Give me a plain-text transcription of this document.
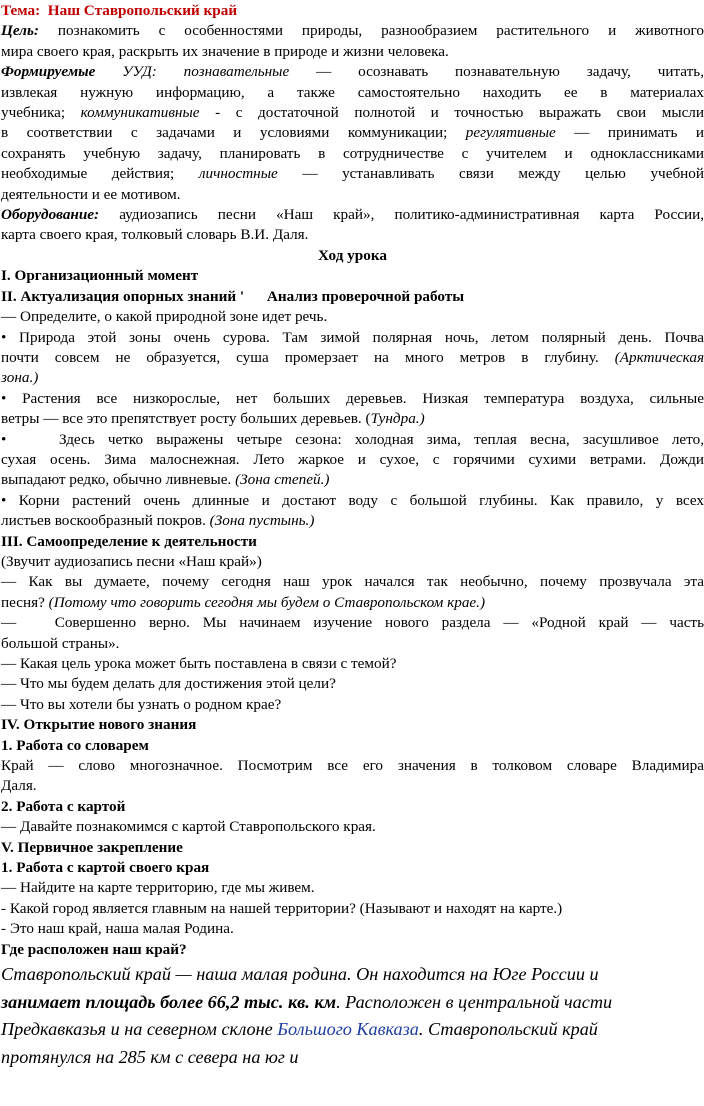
Тема: Наш Ставропольский край

Цель: познакомить с особенностями природы, разнообразием растительного и животного

мира своего края, раскрыть их значение в природе и жизни человека.

Формируемые УУД: познавательные — осознавать познавательную задачу, читать,

извлекая нужную информацию, а также самостоятельно находить ее в материалах

учебника; коммуникативные - с достаточной полнотой и точностью выражать свои мысли

в соответствии с задачами и условиями коммуникации; регулятивные — принимать и

сохранять учебную задачу, планировать в сотрудничестве с учителем и одноклассниками

необходимые действия; личностные — устанавливать связи между целью учебной

деятельности и ее мотивом.

Оборудование: аудиозапись песни «Наш край», политико-административная карта России,

карта своего края, толковый словарь В.И. Даля.

Ход урока

I. Организационный момент

II. Актуализация опорных знаний '      Анализ проверочной работы

— Определите, о какой природной зоне идет речь.

• Природа этой зоны очень сурова. Там зимой полярная ночь, летом полярный день. Почва

почти совсем не образуется, суша промерзает на много метров в глубину. (Арктическая

зона.)

• Растения все низкорослые, нет больших деревьев. Низкая температура воздуха, сильные

ветры — все это препятствует росту больших деревьев. (Тундра.)

•    Здесь четко выражены четыре сезона: холодная зима, теплая весна, засушливое лето,

сухая осень. Зима малоснежная. Лето жаркое и сухое, с горячими сухими ветрами. Дожди

выпадают редко, обычно ливневые. (Зона степей.)

• Корни растений очень длинные и достают воду с большой глубины. Как правило, у всех

листьев воскообразный покров. (Зона пустынь.)

III. Самоопределение к деятельности

(Звучит аудиозапись песни «Наш край»)

— Как вы думаете, почему сегодня наш урок начался так необычно, почему прозвучала эта

песня? (Потому что говорить сегодня мы будем о Ставропольском крае.)

—   Совершенно верно. Мы начинаем изучение нового раздела — «Родной край — часть

большой страны».

— Какая цель урока может быть поставлена в связи с темой?

— Что мы будем делать для достижения этой цели?

— Что вы хотели бы узнать о родном крае?

IV. Открытие нового знания

1. Работа со словарем

Край — слово многозначное. Посмотрим все его значения в толковом словаре Владимира

Даля.

2. Работа с картой

— Давайте познакомимся с картой Ставропольского края.

V. Первичное закрепление

1. Работа с картой своего края

— Найдите на карте территорию, где мы живем.

- Какой город является главным на нашей территории? (Называют и находят на карте.)

- Это наш край, наша малая Родина.

Где расположен наш край?

Ставропольский край — наша малая родина. Он находится на Юге России и

занимает площадь более 66,2 тыс. кв. км. Расположен в центральной части

Предкавказья и на северном склоне Большого Кавказа. Ставропольский край

протянулся на 285 км с севера на юг и
